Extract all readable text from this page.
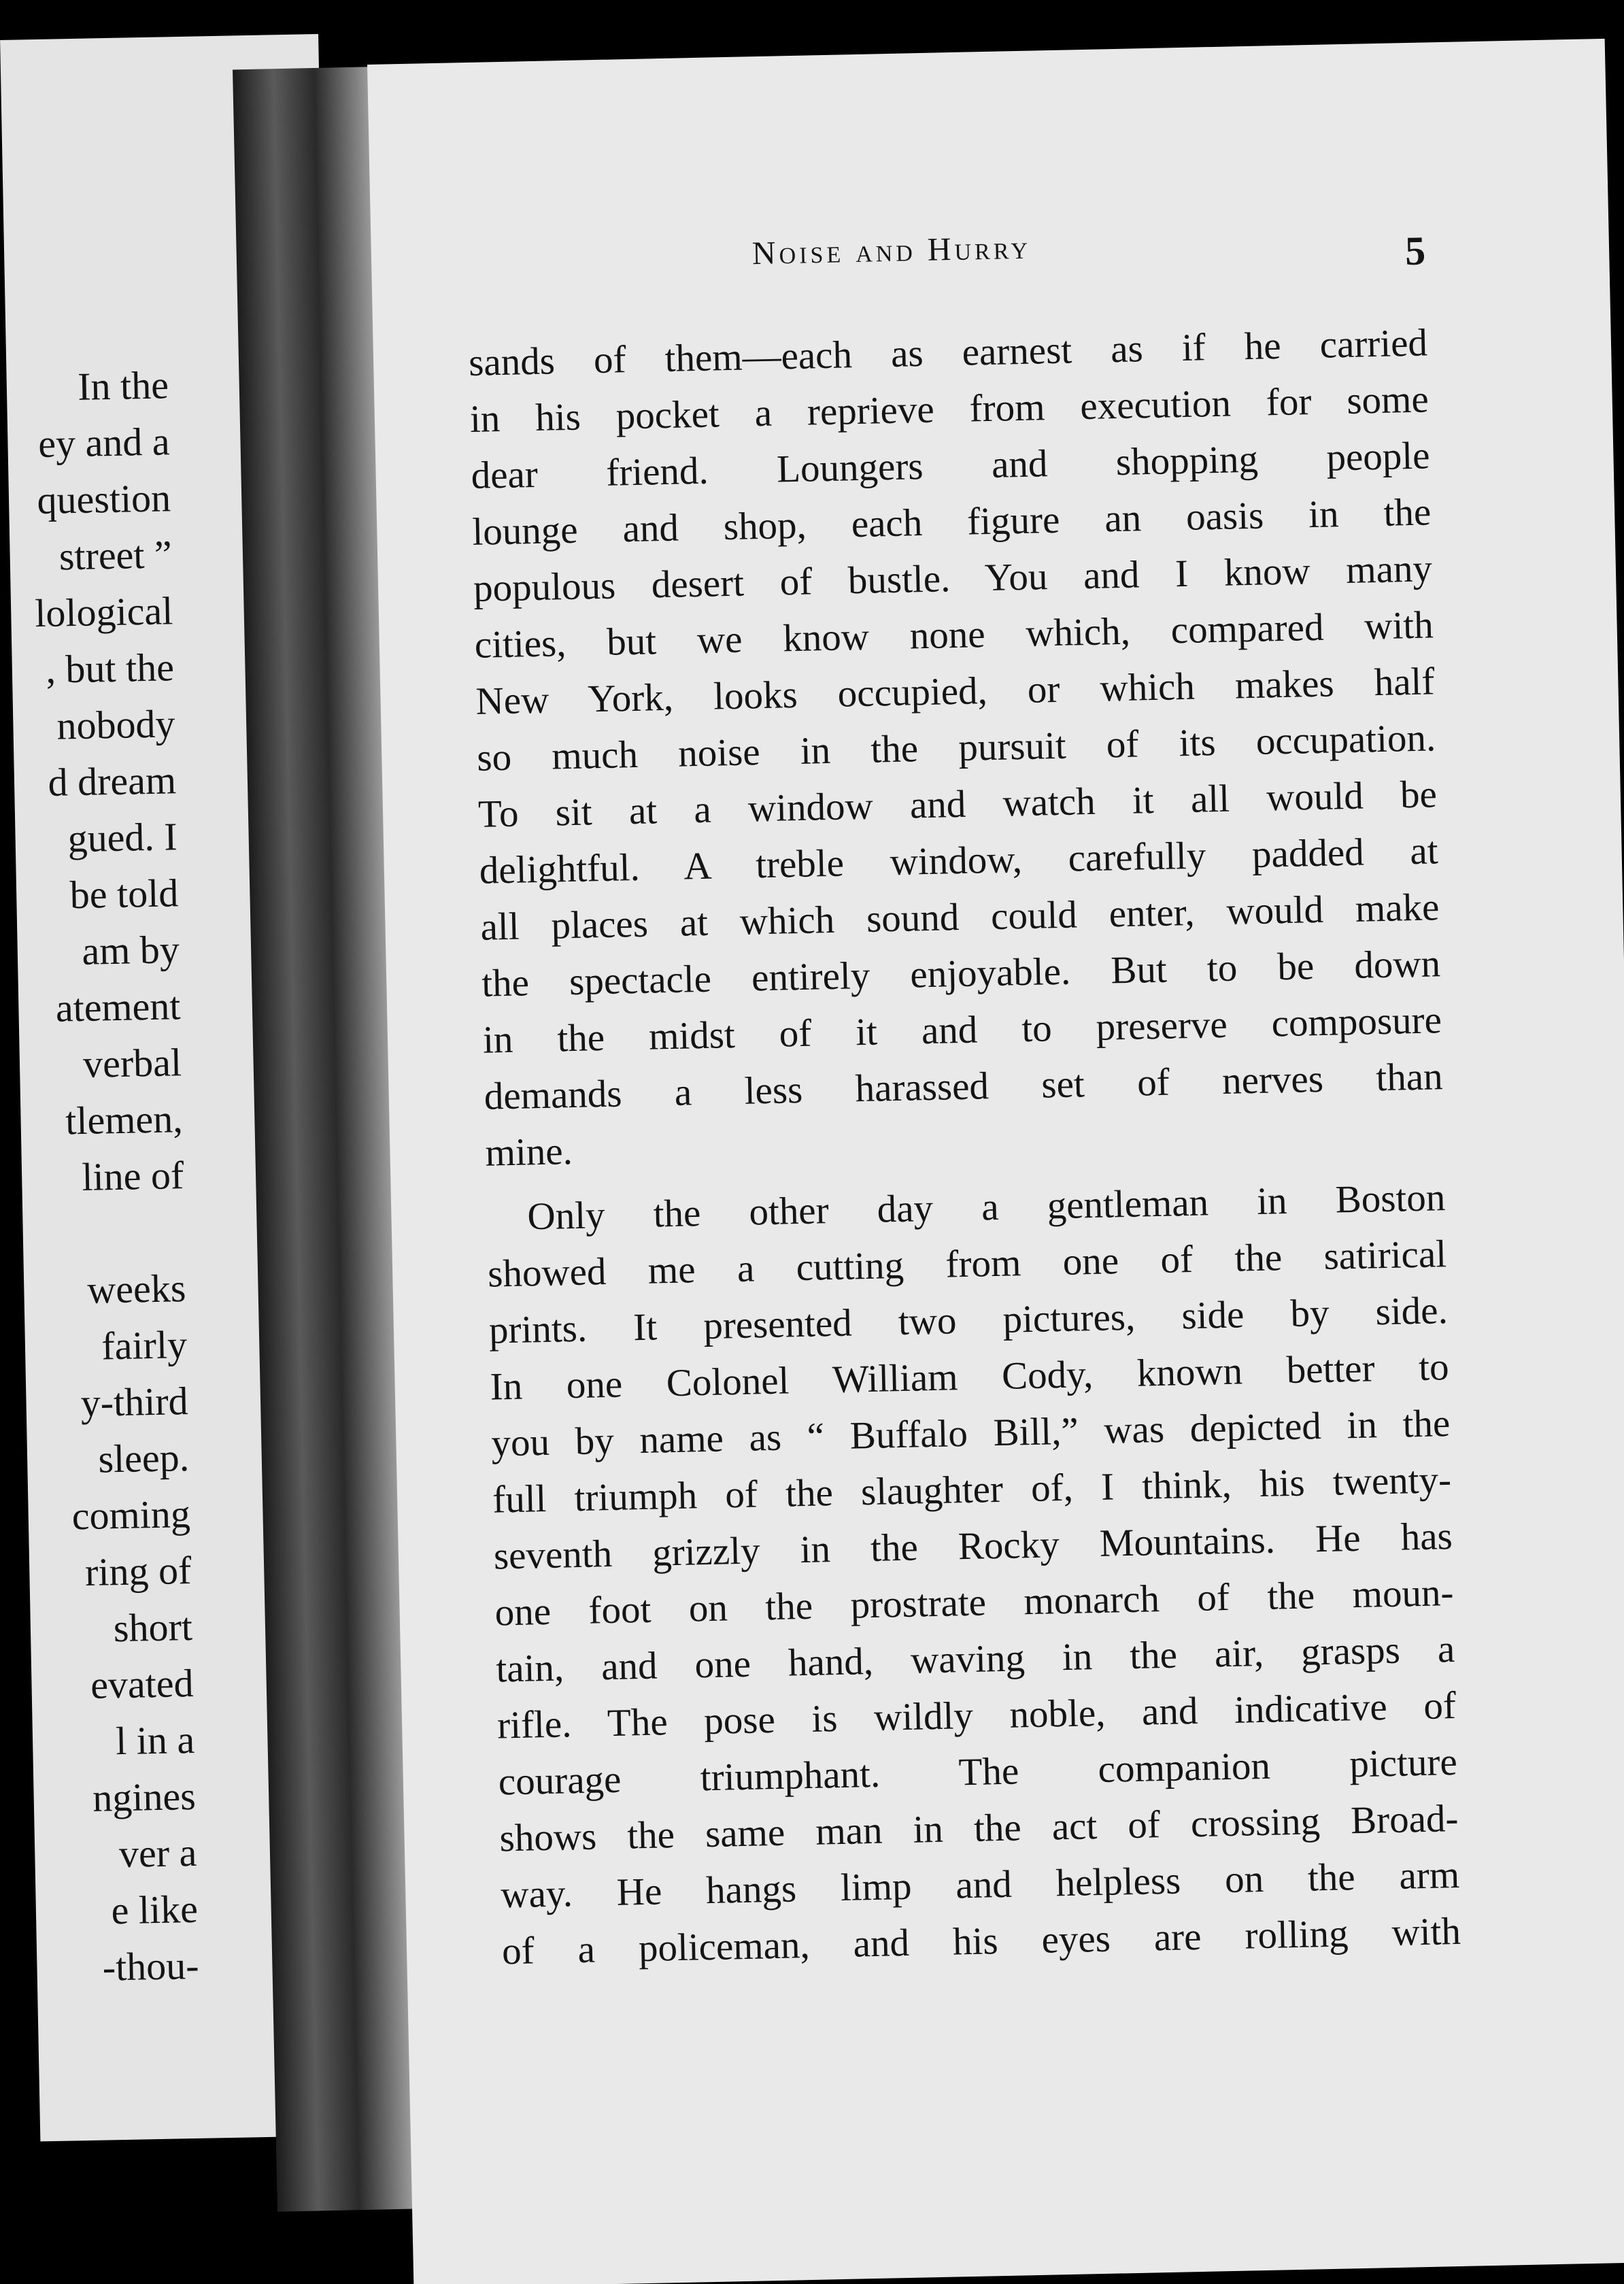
In the
ey and a
question
street ”
lological
, but the
nobody
d dream
gued. I
be told
am by
atement
verbal
tlemen,
line of
weeks
fairly
y-third
sleep.
coming
ring of
short
evated
l in a
ngines
ver a
e like
-thou-
Noise and Hurry	5
sands of them—each as earnest as if he carried
in his pocket a reprieve from execution for some
dear friend. Loungers and shopping people
lounge and shop, each figure an oasis in the
populous desert of bustle. You and I know many
cities, but we know none which, compared with
New York, looks occupied, or which makes half
so much noise in the pursuit of its occupation.
To sit at a window and watch it all would be
delightful. A treble window, carefully padded at
all places at which sound could enter, would make
the spectacle entirely enjoyable. But to be down
in the midst of it and to preserve composure
demands a less harassed set of nerves than
mine.
Only the other day a gentleman in Boston
showed me a cutting from one of the satirical
prints. It presented two pictures, side by side.
In one Colonel William Cody, known better to
you by name as “ Buffalo Bill,” was depicted in the
full triumph of the slaughter of, I think, his twenty-
seventh grizzly in the Rocky Mountains. He has
one foot on the prostrate monarch of the moun-
tain, and one hand, waving in the air, grasps a
rifle. The pose is wildly noble, and indicative of
courage triumphant. The companion picture
shows the same man in the act of crossing Broad-
way. He hangs limp and helpless on the arm
of a policeman, and his eyes are rolling with
